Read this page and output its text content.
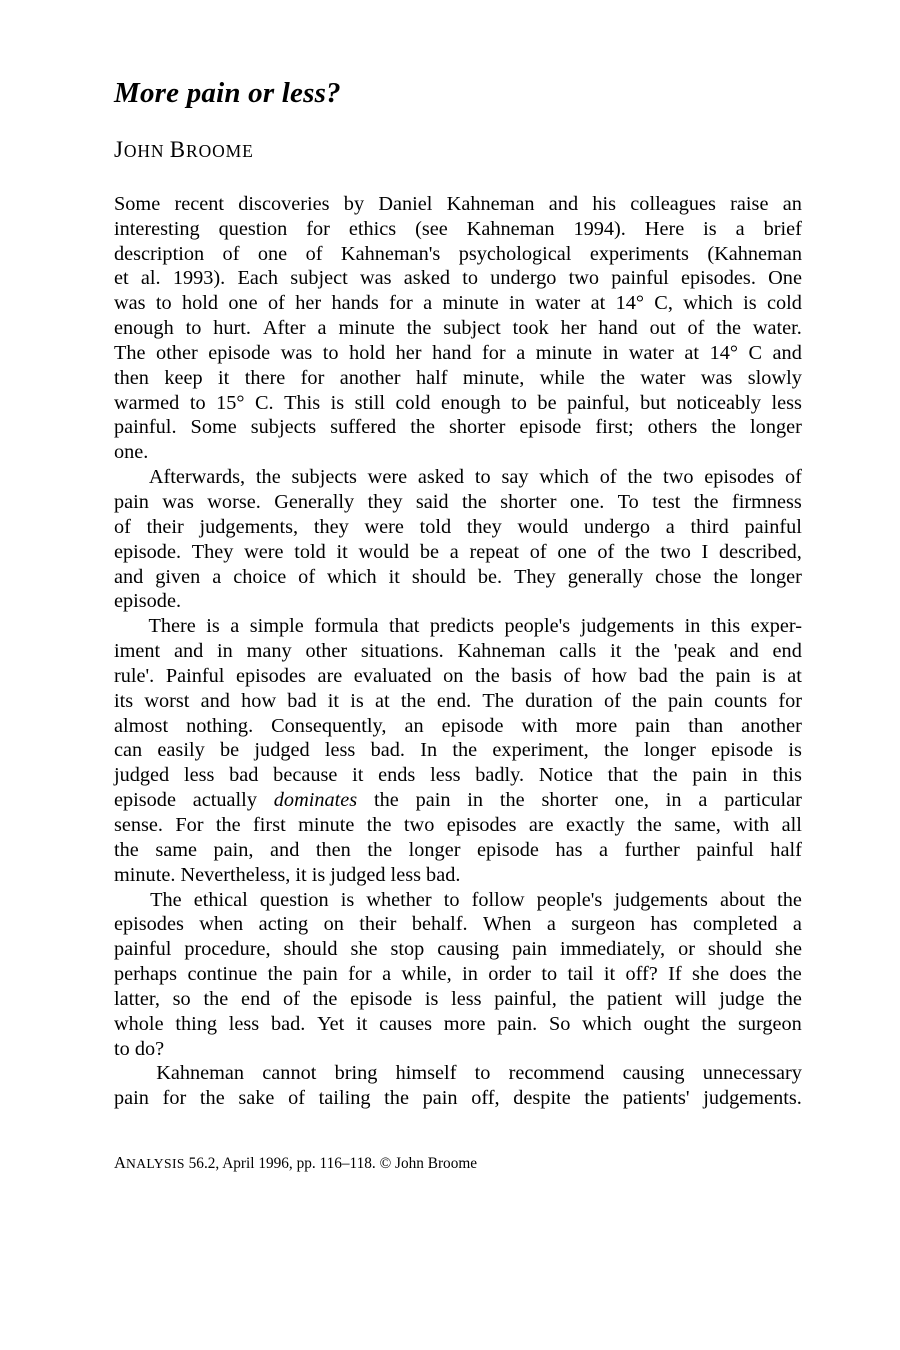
More pain or less?

JOHN BROOME

Some recent discoveries by Daniel Kahneman and his colleagues raise an
interesting question for ethics (see Kahneman 1994). Here is a brief
description of one of Kahneman's psychological experiments (Kahneman
et al. 1993). Each subject was asked to undergo two painful episodes. One
was to hold one of her hands for a minute in water at 14° C, which is cold
enough to hurt. After a minute the subject took her hand out of the water.
The other episode was to hold her hand for a minute in water at 14° C and
then keep it there for another half minute, while the water was slowly
warmed to 15° C. This is still cold enough to be painful, but noticeably less
painful. Some subjects suffered the shorter episode first; others the longer
one.

Afterwards, the subjects were asked to say which of the two episodes of
pain was worse. Generally they said the shorter one. To test the firmness
of their judgements, they were told they would undergo a third painful
episode. They were told it would be a repeat of one of the two I described,
and given a choice of which it should be. They generally chose the longer
episode.

There is a simple formula that predicts people's judgements in this exper-
iment and in many other situations. Kahneman calls it the 'peak and end
rule'. Painful episodes are evaluated on the basis of how bad the pain is at
its worst and how bad it is at the end. The duration of the pain counts for
almost nothing. Consequently, an episode with more pain than another
can easily be judged less bad. In the experiment, the longer episode is
judged less bad because it ends less badly. Notice that the pain in this
episode actually dominates the pain in the shorter one, in a particular
sense. For the first minute the two episodes are exactly the same, with all
the same pain, and then the longer episode has a further painful half
minute. Nevertheless, it is judged less bad.

The ethical question is whether to follow people's judgements about the
episodes when acting on their behalf. When a surgeon has completed a
painful procedure, should she stop causing pain immediately, or should she
perhaps continue the pain for a while, in order to tail it off? If she does the
latter, so the end of the episode is less painful, the patient will judge the
whole thing less bad. Yet it causes more pain. So which ought the surgeon
to do?

Kahneman cannot bring himself to recommend causing unnecessary
pain for the sake of tailing the pain off, despite the patients' judgements.

ANALYSIS 56.2, April 1996, pp. 116–118. © John Broome
